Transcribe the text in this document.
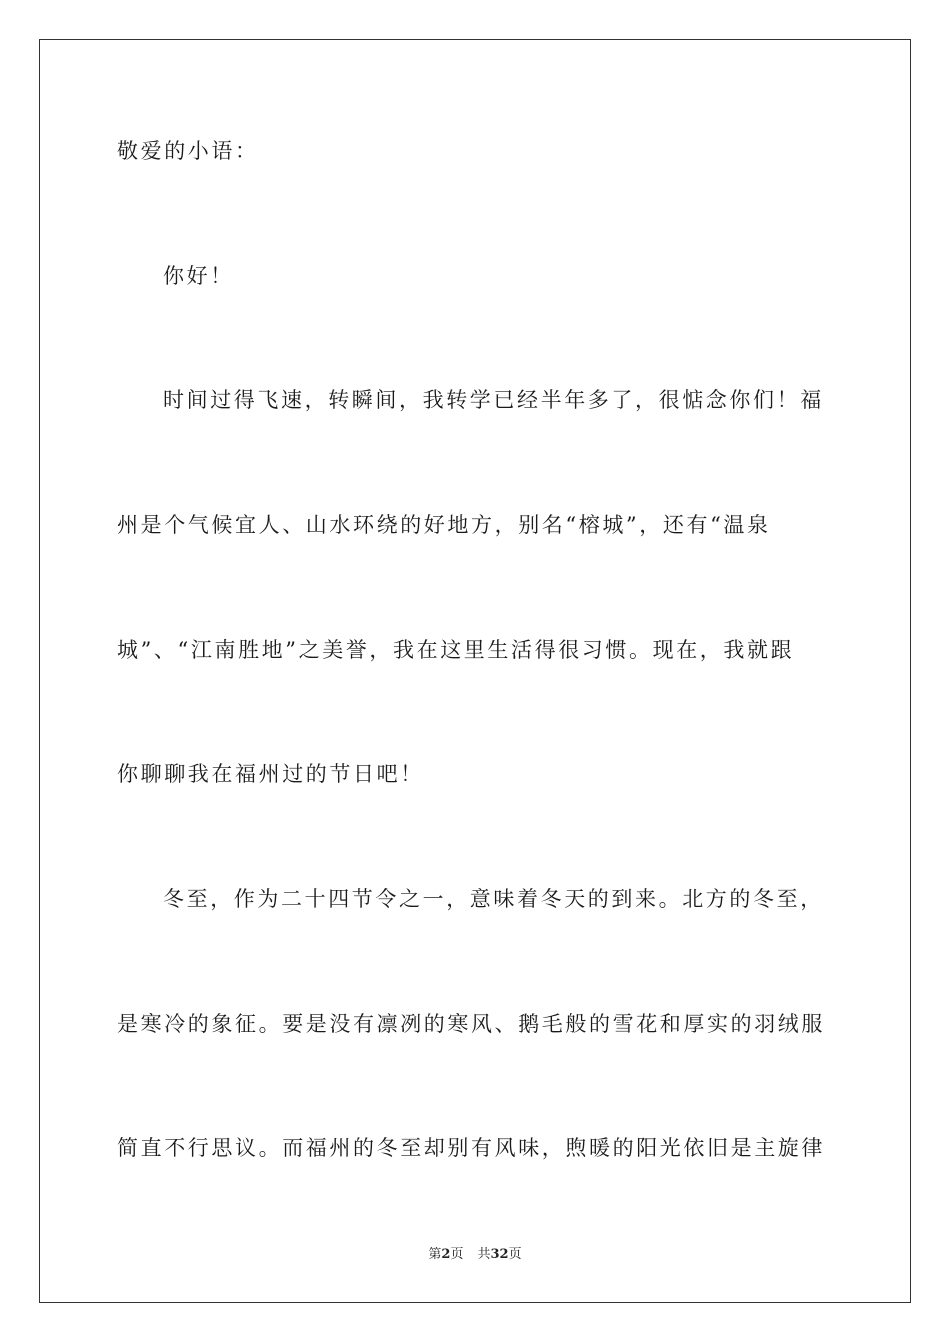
敬爱的小语：
你好！
时间过得飞速，转瞬间，我转学已经半年多了，很惦念你们！福
州是个气候宜人、山水环绕的好地方，别名“榕城”，还有“温泉
城”、“江南胜地”之美誉，我在这里生活得很习惯。现在，我就跟
你聊聊我在福州过的节日吧！
冬至，作为二十四节令之一，意味着冬天的到来。北方的冬至，
是寒冷的象征。要是没有凛冽的寒风、鹅毛般的雪花和厚实的羽绒服
简直不行思议。而福州的冬至却别有风味，煦暖的阳光依旧是主旋律
第2页 共32页
